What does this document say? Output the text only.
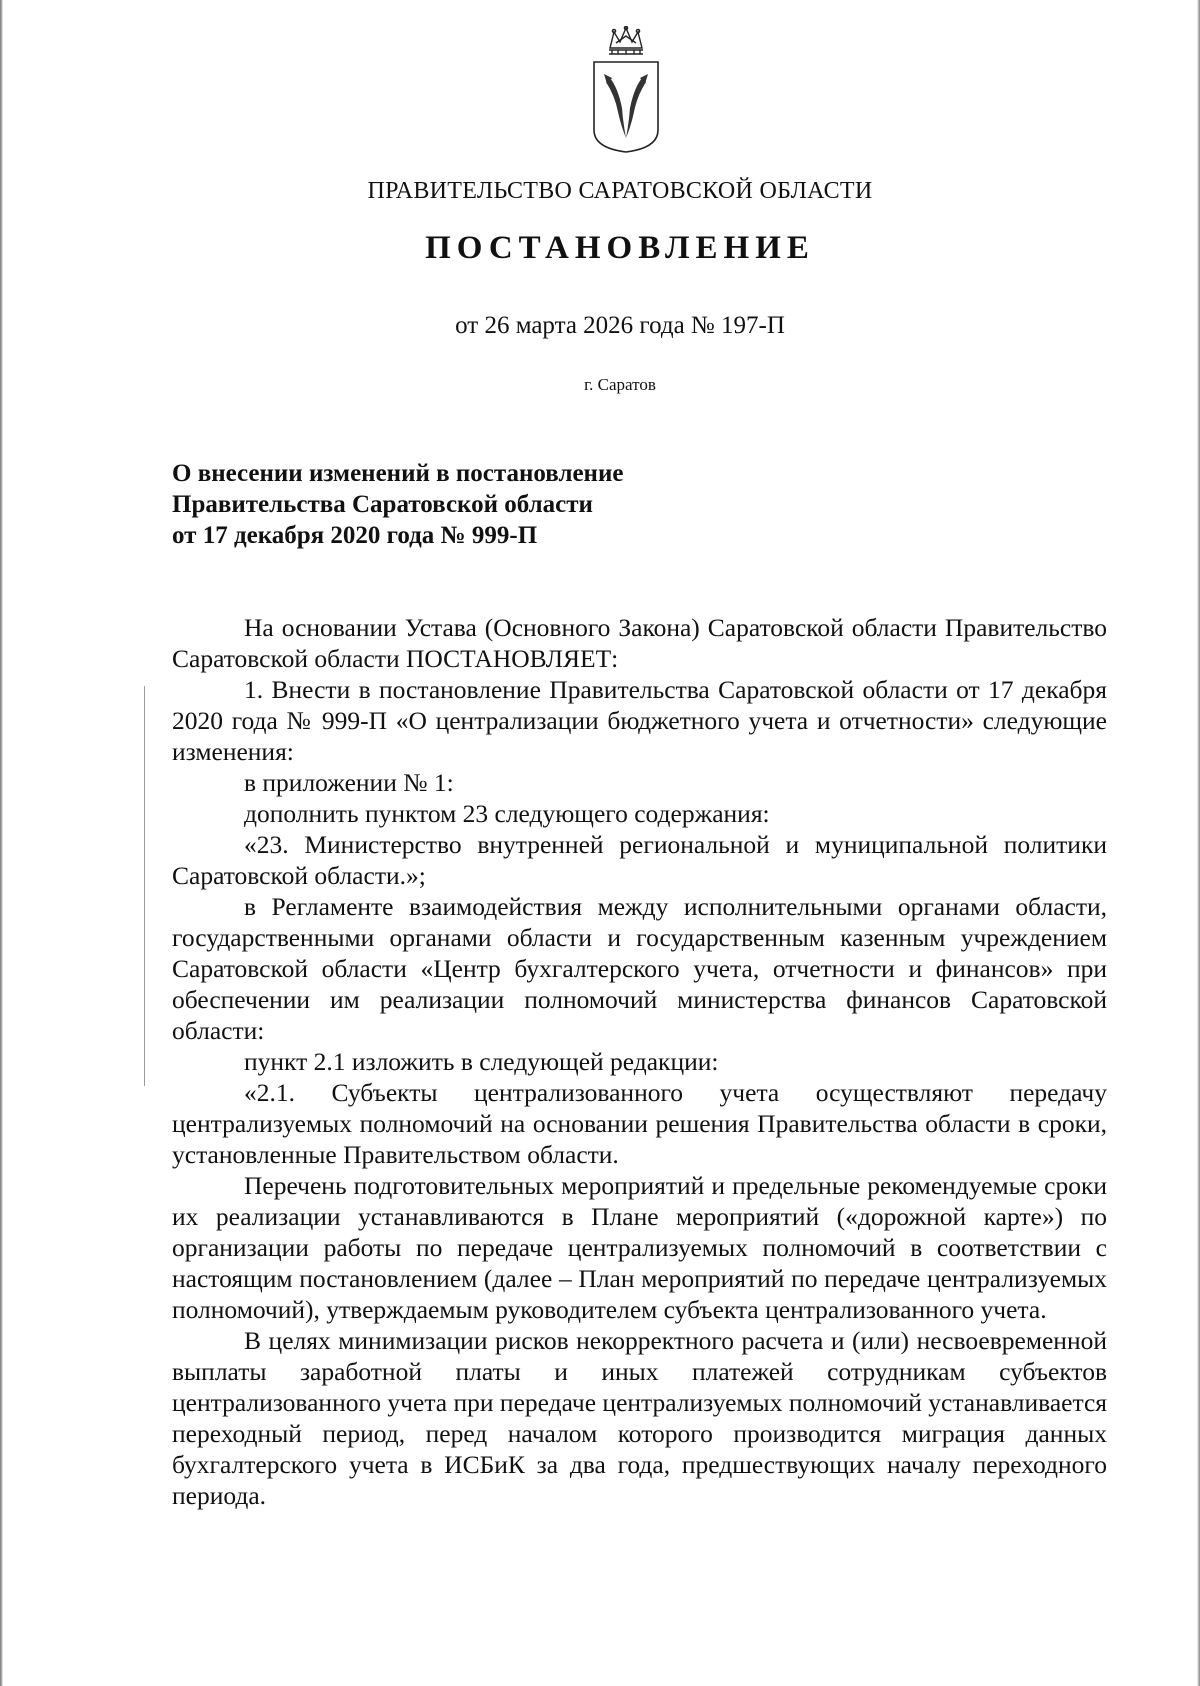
ПРАВИТЕЛЬСТВО САРАТОВСКОЙ ОБЛАСТИ
ПОСТАНОВЛЕНИЕ
от 26 марта 2026 года № 197-П
г. Саратов
О внесении изменений в постановление
Правительства Саратовской области
от 17 декабря 2020 года № 999-П

На основании Устава (Основного Закона) Саратовской области Правительство Саратовской области ПОСТАНОВЛЯЕТ:

1. Внести в постановление Правительства Саратовской области от 17 декабря 2020 года № 999-П «О централизации бюджетного учета и отчетности» следующие изменения:

в приложении № 1:

дополнить пунктом 23 следующего содержания:

«23. Министерство внутренней региональной и муниципальной политики Саратовской области.»;

в Регламенте взаимодействия между исполнительными органами области, государственными органами области и государственным казенным учреждением Саратовской области «Центр бухгалтерского учета, отчетности и финансов» при обеспечении им реализации полномочий министерства финансов Саратовской области:

пункт 2.1 изложить в следующей редакции:

«2.1. Субъекты централизованного учета осуществляют передачу централизуемых полномочий на основании решения Правительства области в сроки, установленные Правительством области.

Перечень подготовительных мероприятий и предельные рекомендуемые сроки их реализации устанавливаются в Плане мероприятий («дорожной карте») по организации работы по передаче централизуемых полномочий в соответствии с настоящим постановлением (далее – План мероприятий по передаче централизуемых полномочий), утверждаемым руководителем субъекта централизованного учета.

В целях минимизации рисков некорректного расчета и (или) несвоевременной выплаты заработной платы и иных платежей сотрудникам субъектов централизованного учета при передаче централизуемых полномочий устанавливается переходный период, перед началом которого производится миграция данных бухгалтерского учета в ИСБиК за два года, предшествующих началу переходного периода.
